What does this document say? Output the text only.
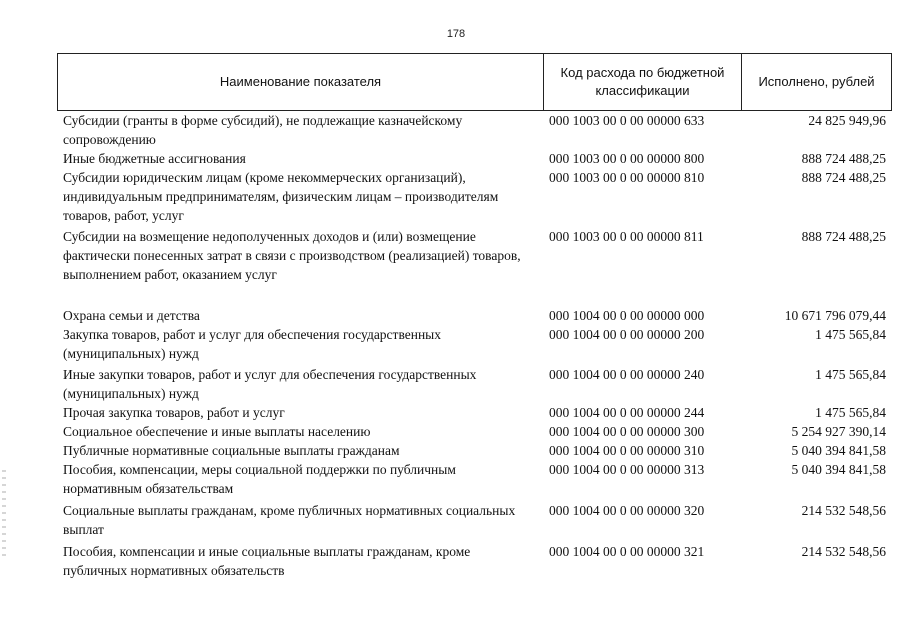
178
Наименование показателя
Код расхода по бюджетной классификации
Исполнено, рублей
Субсидии (гранты в форме субсидий), не подлежащие казначейскому сопровождению
000 1003 00 0 00 00000 633	24 825 949,96
Иные бюджетные ассигнования	000 1003 00 0 00 00000 800	888 724 488,25
Субсидии юридическим лицам (кроме некоммерческих организаций), индивидуальным предпринимателям, физическим лицам – производителям товаров, работ, услуг
000 1003 00 0 00 00000 810	888 724 488,25
Субсидии на возмещение недополученных доходов и (или) возмещение фактически понесенных затрат в связи с производством (реализацией) товаров, выполнением работ, оказанием услуг
000 1003 00 0 00 00000 811	888 724 488,25
Охрана семьи и детства	000 1004 00 0 00 00000 000	10 671 796 079,44
Закупка товаров, работ и услуг для обеспечения государственных (муниципальных) нужд
000 1004 00 0 00 00000 200	1 475 565,84
Иные закупки товаров, работ и услуг для обеспечения государственных (муниципальных) нужд
000 1004 00 0 00 00000 240	1 475 565,84
Прочая закупка товаров, работ и услуг	000 1004 00 0 00 00000 244	1 475 565,84
Социальное обеспечение и иные выплаты населению	000 1004 00 0 00 00000 300	5 254 927 390,14
Публичные нормативные социальные выплаты гражданам	000 1004 00 0 00 00000 310	5 040 394 841,58
Пособия, компенсации, меры социальной поддержки по публичным нормативным обязательствам
000 1004 00 0 00 00000 313	5 040 394 841,58
Социальные выплаты гражданам, кроме публичных нормативных социальных выплат
000 1004 00 0 00 00000 320	214 532 548,56
Пособия, компенсации и иные социальные выплаты гражданам, кроме публичных нормативных обязательств
000 1004 00 0 00 00000 321	214 532 548,56
